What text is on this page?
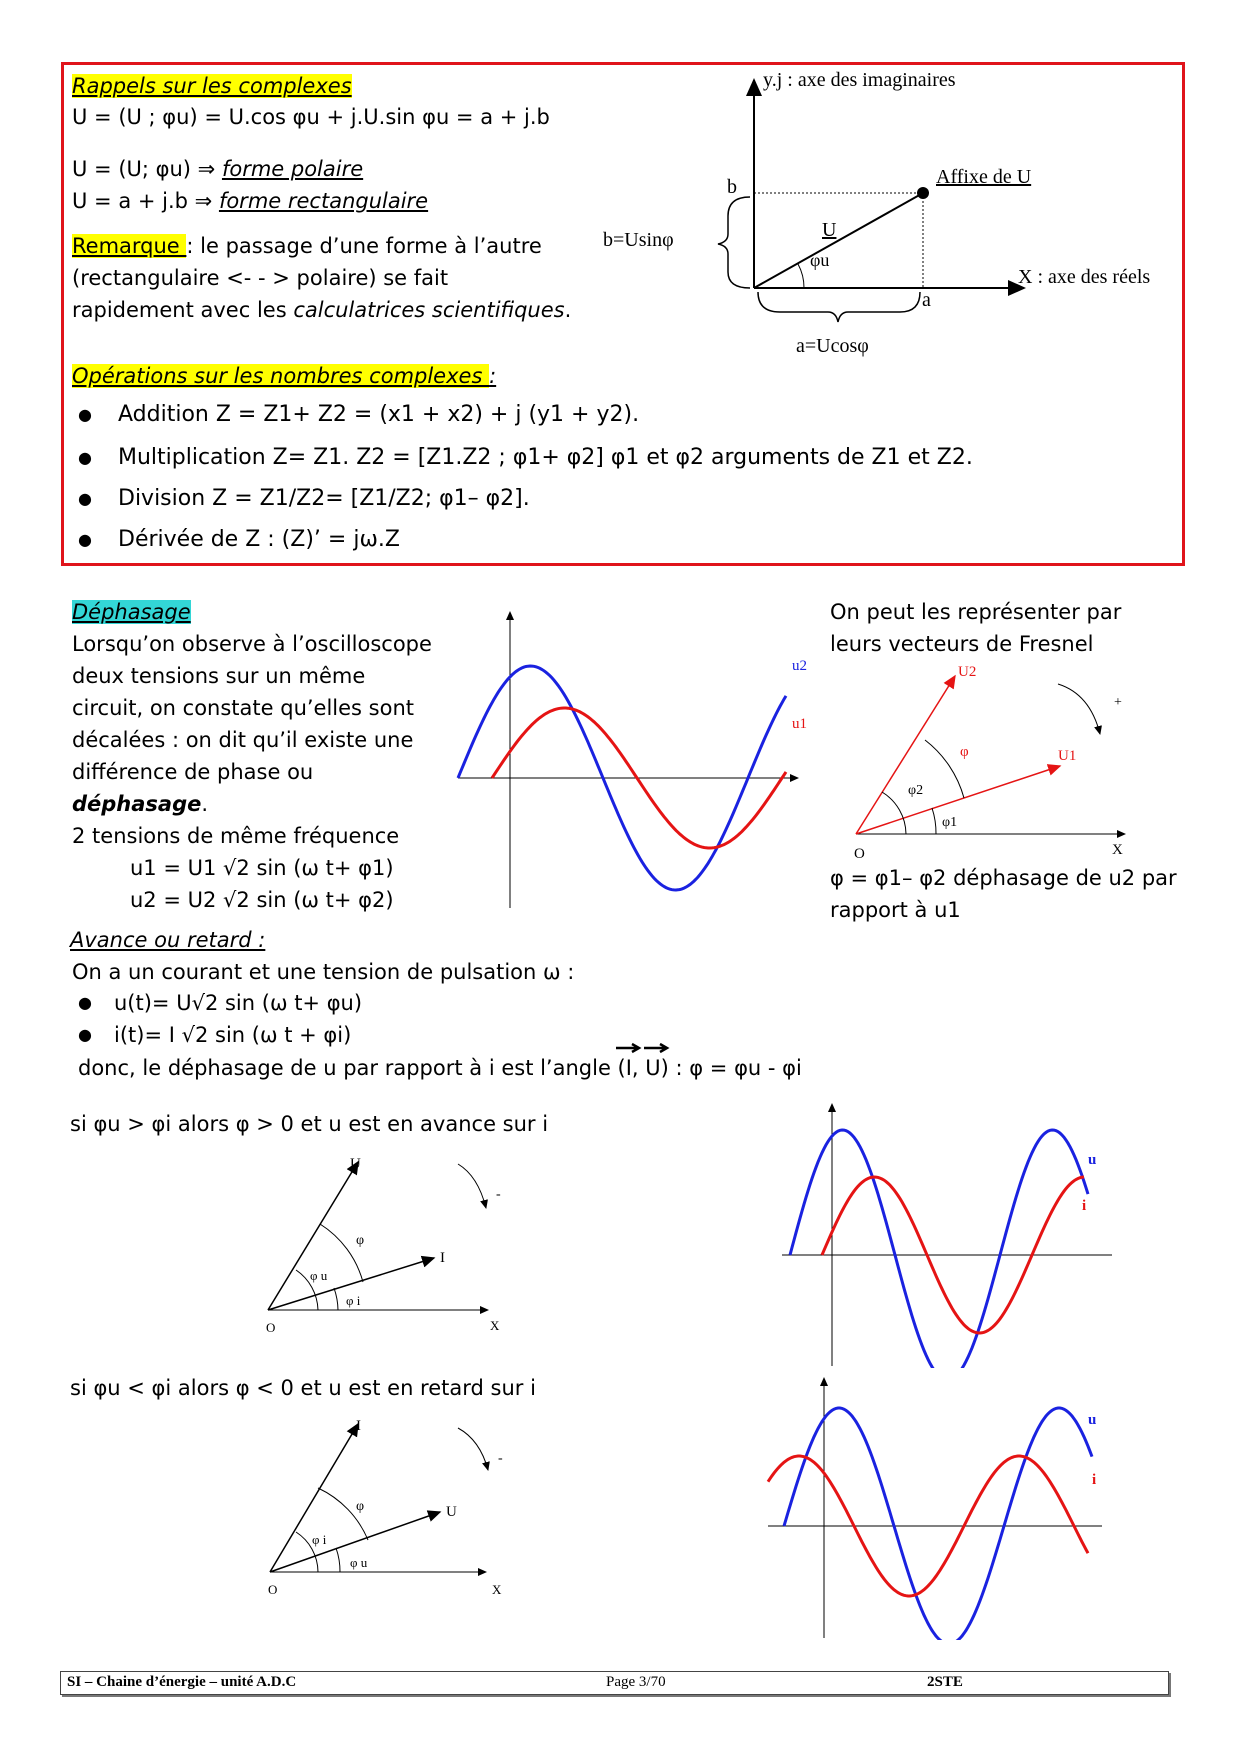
Rappels sur les complexes
U = (U ; φu) = U.cos φu + j.U.sin φu = a + j.b
U = (U; φu) ⇒ forme polaire
U = a + j.b ⇒ forme rectangulaire
Remarque : le passage d’une forme à l’autre
(rectangulaire <- - > polaire) se fait
rapidement avec les calculatrices scientifiques.
y.j : axe des imaginaires
X : axe des réels
Affixe de U
b
a
U
φu
b=Usinφ
a=Ucosφ
Opérations sur les nombres complexes :
● Addition Z = Z1+ Z2 = (x1 + x2) + j (y1 + y2).
● Multiplication Z= Z1. Z2 = [Z1.Z2 ; φ1+ φ2] φ1 et φ2 arguments de Z1 et Z2.
● Division Z = Z1/Z2= [Z1/Z2; φ1– φ2].
● Dérivée de Z : (Z)’ = jω.Z
Déphasage
Lorsqu’on observe à l’oscilloscope
deux tensions sur un même
circuit, on constate qu’elles sont
décalées : on dit qu’il existe une
différence de phase ou
déphasage.
2 tensions de même fréquence
u1 = U1 √2 sin (ω t+ φ1)
u2 = U2 √2 sin (ω t+ φ2)
u2
u1
On peut les représenter par
leurs vecteurs de Fresnel
U2
U1
φ
φ1
φ2
O	X
+
φ = φ1– φ2 déphasage de u2 par
rapport à u1
Avance ou retard :
On a un courant et une tension de pulsation ω :
● u(t)= U√2 sin (ω t+ φu)
● i(t)= I √2 sin (ω t + φi)
donc, le déphasage de u par rapport à i est l’angle (I, U) : φ = φu - φi
si φu > φi alors φ > 0 et u est en avance sur i
U
I
φ
φ u
φ i
O	X
-
u
i
si φu < φi alors φ < 0 et u est en retard sur i
I
U
φ
φ i
φ u
O	X
-
u
i
SI – Chaine d’énergie – unité A.D.C	Page 3/70	2STE
